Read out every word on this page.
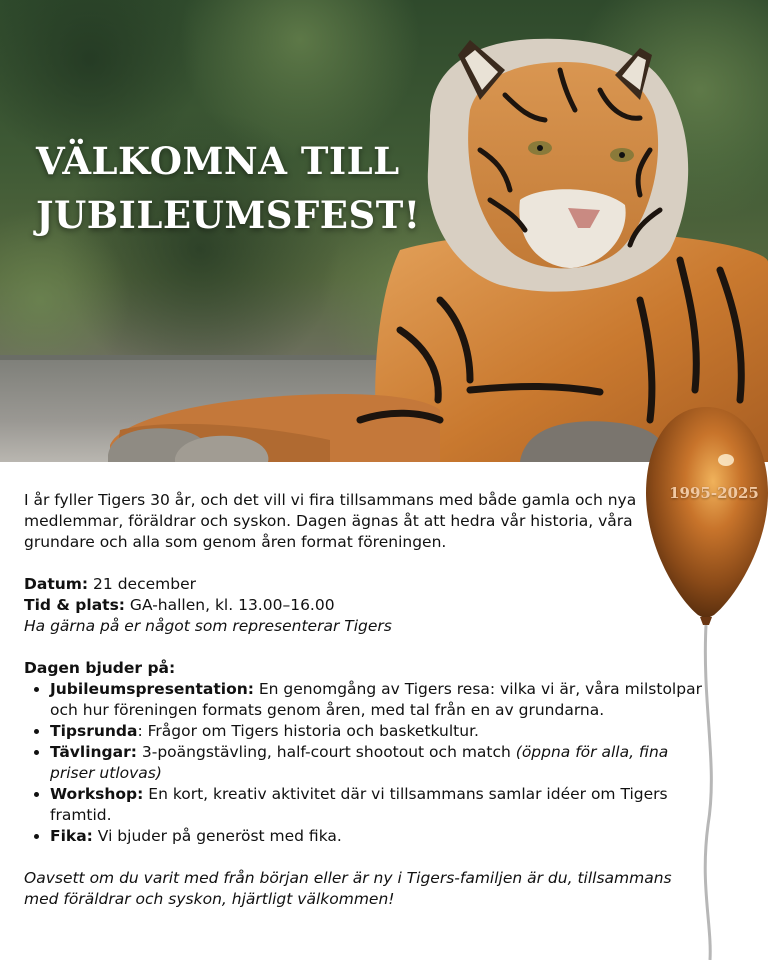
VÄLKOMNA TILL
JUBILEUMSFEST!
1995-2025

I år fyller Tigers 30 år, och det vill vi fira tillsammans med både gamla och nya medlemmar, föräldrar och syskon. Dagen ägnas åt att hedra vår historia, våra grundare och alla som genom åren format föreningen.

Datum: 21 december

Tid & plats: GA-hallen, kl. 13.00–16.00

Ha gärna på er något som representerar Tigers

Dagen bjuder på:

• Jubileumspresentation: En genomgång av Tigers resa: vilka vi är, våra milstolpar och hur föreningen formats genom åren, med tal från en av grundarna.
• Tipsrunda: Frågor om Tigers historia och basketkultur.
• Tävlingar: 3-poängstävling, half-court shootout och match (öppna för alla, fina priser utlovas)
• Workshop: En kort, kreativ aktivitet där vi tillsammans samlar idéer om Tigers framtid.
• Fika: Vi bjuder på generöst med fika.

Oavsett om du varit med från början eller är ny i Tigers-familjen är du, tillsammans med föräldrar och syskon, hjärtligt välkommen!
